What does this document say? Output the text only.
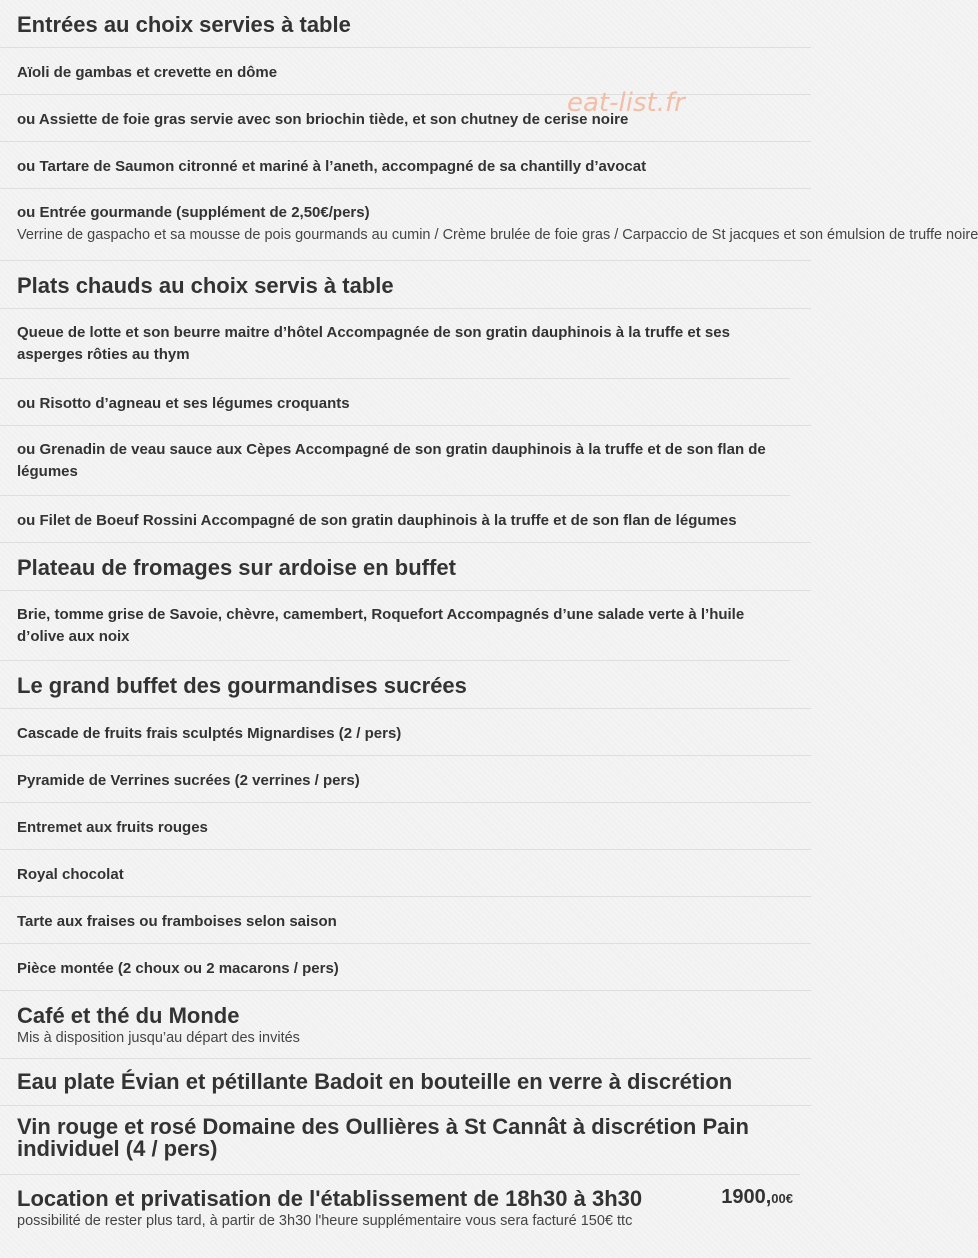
Entrées au choix servies à table
Aïoli de gambas et crevette en dôme
ou Assiette de foie gras servie avec son briochin tiède, et son chutney de cerise noire
ou Tartare de Saumon citronné et mariné à l’aneth, accompagné de sa chantilly d’avocat
ou Entrée gourmande (supplément de 2,50€/pers)
Verrine de gaspacho et sa mousse de pois gourmands au cumin / Crème brulée de foie gras / Carpaccio de St jacques et son émulsion de truffe noire
Plats chauds au choix servis à table
Queue de lotte et son beurre maitre d’hôtel Accompagnée de son gratin dauphinois à la truffe et ses asperges rôties au thym
ou Risotto d’agneau et ses légumes croquants
ou Grenadin de veau sauce aux Cèpes Accompagné de son gratin dauphinois à la truffe et de son flan de légumes
ou Filet de Boeuf Rossini Accompagné de son gratin dauphinois à la truffe et de son flan de légumes
Plateau de fromages sur ardoise en buffet
Brie, tomme grise de Savoie, chèvre, camembert, Roquefort Accompagnés d’une salade verte à l’huile d’olive aux noix
Le grand buffet des gourmandises sucrées
Cascade de fruits frais sculptés Mignardises (2 / pers)
Pyramide de Verrines sucrées (2 verrines / pers)
Entremet aux fruits rouges
Royal chocolat
Tarte aux fraises ou framboises selon saison
Pièce montée (2 choux ou 2 macarons / pers)
Café et thé du Monde
Mis à disposition jusqu’au départ des invités
Eau plate Évian et pétillante Badoit en bouteille en verre à discrétion
Vin rouge et rosé Domaine des Oullières à St Cannât à discrétion Pain individuel (4 / pers)
Location et privatisation de l'établissement de 18h30 à 3h30
possibilité de rester plus tard, à partir de 3h30 l'heure supplémentaire vous sera facturé 150€ ttc
1900,00€
eat-list.fr
